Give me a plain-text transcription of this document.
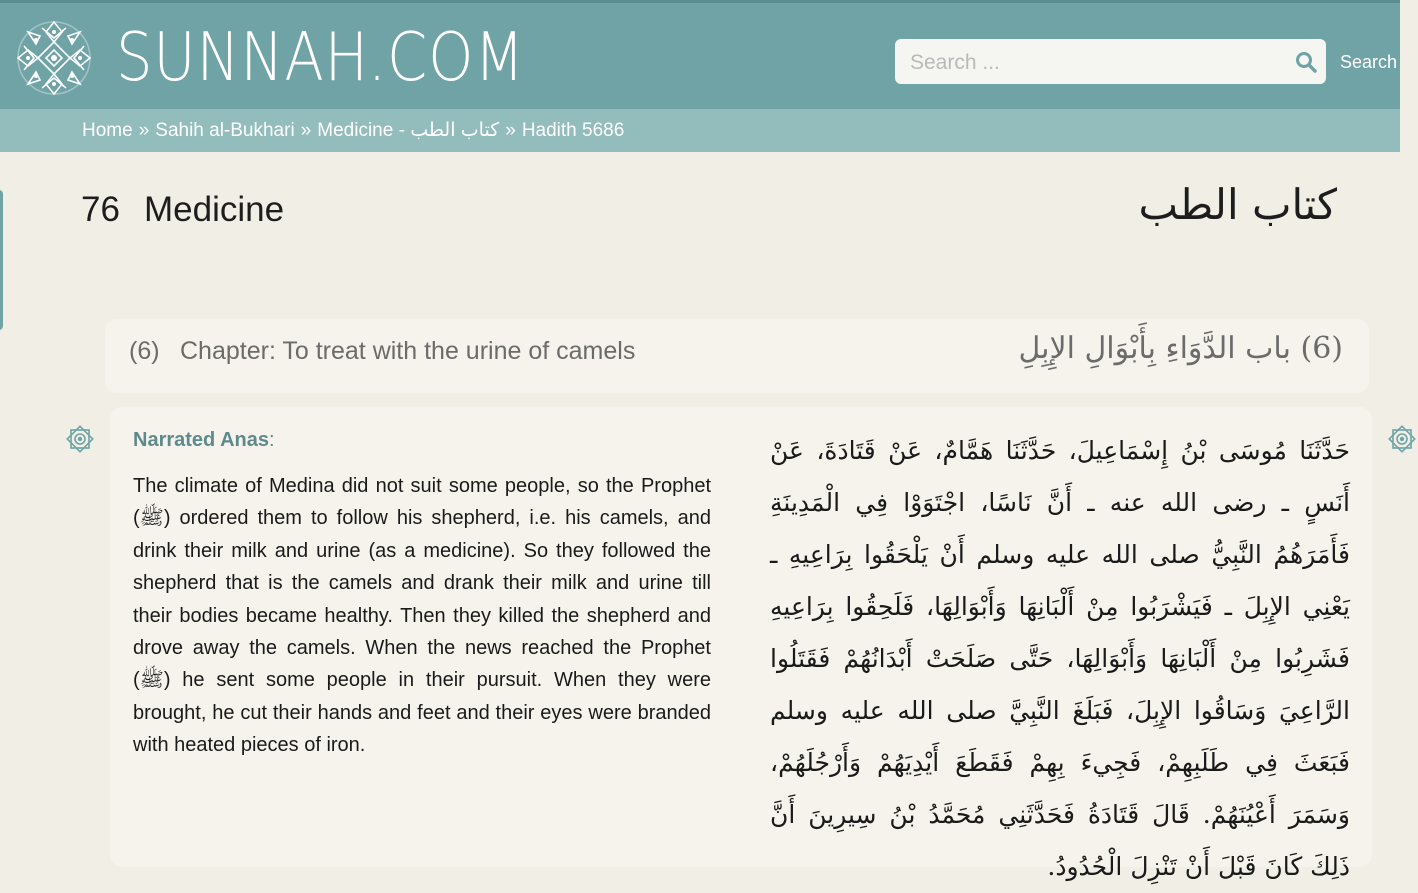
SUNNAH.COM
Search ...	Search
Home » Sahih al-Bukhari » Medicine - كتاب الطب » Hadith 5686
76 Medicine	كتاب الطب
(6) Chapter: To treat with the urine of camels	(6) باب الدَّوَاءِ بِأَبْوَالِ الإِبِلِ
Narrated Anas:
The climate of Medina did not suit some people, so the Prophet (ﷺ) ordered them to follow his shepherd, i.e. his camels, and drink their milk and urine (as a medicine). So they followed the shepherd that is the camels and drank their milk and urine till their bodies became healthy. Then they killed the shepherd and drove away the camels. When the news reached the Prophet (ﷺ) he sent some people in their pursuit. When they were brought, he cut their hands and feet and their eyes were branded with heated pieces of iron.
حَدَّثَنَا مُوسَى بْنُ إِسْمَاعِيلَ، حَدَّثَنَا هَمَّامٌ، عَنْ قَتَادَةَ، عَنْ أَنَسٍ ـ رضى الله عنه ـ أَنَّ نَاسًا، اجْتَوَوْا فِي الْمَدِينَةِ فَأَمَرَهُمُ النَّبِيُّ صلى الله عليه وسلم أَنْ يَلْحَقُوا بِرَاعِيهِ ـ يَعْنِي الإِبِلَ ـ فَيَشْرَبُوا مِنْ أَلْبَانِهَا وَأَبْوَالِهَا، فَلَحِقُوا بِرَاعِيهِ فَشَرِبُوا مِنْ أَلْبَانِهَا وَأَبْوَالِهَا، حَتَّى صَلَحَتْ أَبْدَانُهُمْ فَقَتَلُوا الرَّاعِيَ وَسَاقُوا الإِبِلَ، فَبَلَغَ النَّبِيَّ صلى الله عليه وسلم فَبَعَثَ فِي طَلَبِهِمْ، فَجِيءَ بِهِمْ فَقَطَعَ أَيْدِيَهُمْ وَأَرْجُلَهُمْ، وَسَمَرَ أَعْيُنَهُمْ. قَالَ قَتَادَةُ فَحَدَّثَنِي مُحَمَّدُ بْنُ سِيرِينَ أَنَّ ذَلِكَ كَانَ قَبْلَ أَنْ تَنْزِلَ الْحُدُودُ.
